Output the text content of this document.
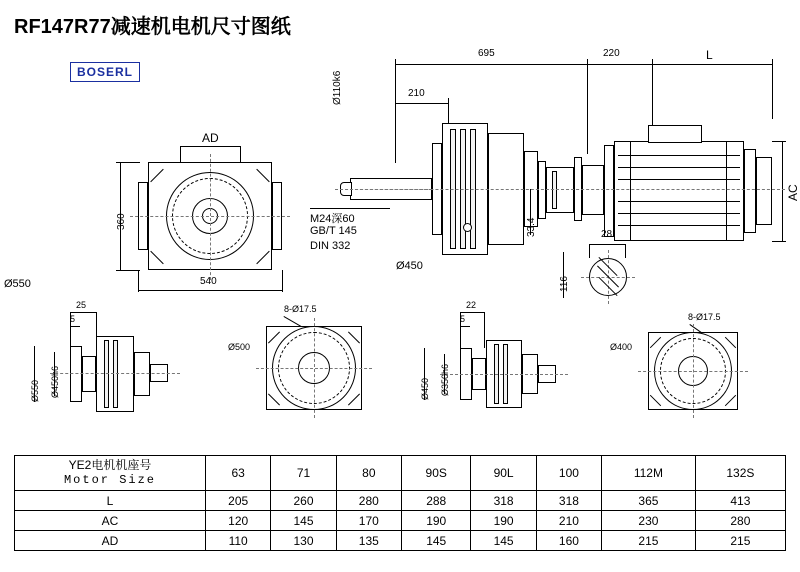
RF147R77减速机电机尺寸图纸
BOSERL
695	220	L
210
Ø110k6
AC
33.4
M24深60
GB/T 145
DIN 332
Ø450
28
116
AD
360
540
Ø550
25
5
Ø550 Ø450h6
8-Ø17.5
Ø500
22
5
Ø450 Ø350h6
8-Ø17.5
Ø400
YE2电机机座号
Motor Size	63	71	80	90S	90L	100	112M	132S
L	205	260	280	288	318	318	365	413
AC	120	145	170	190	190	210	230	280
AD	110	130	135	145	145	160	215	215
